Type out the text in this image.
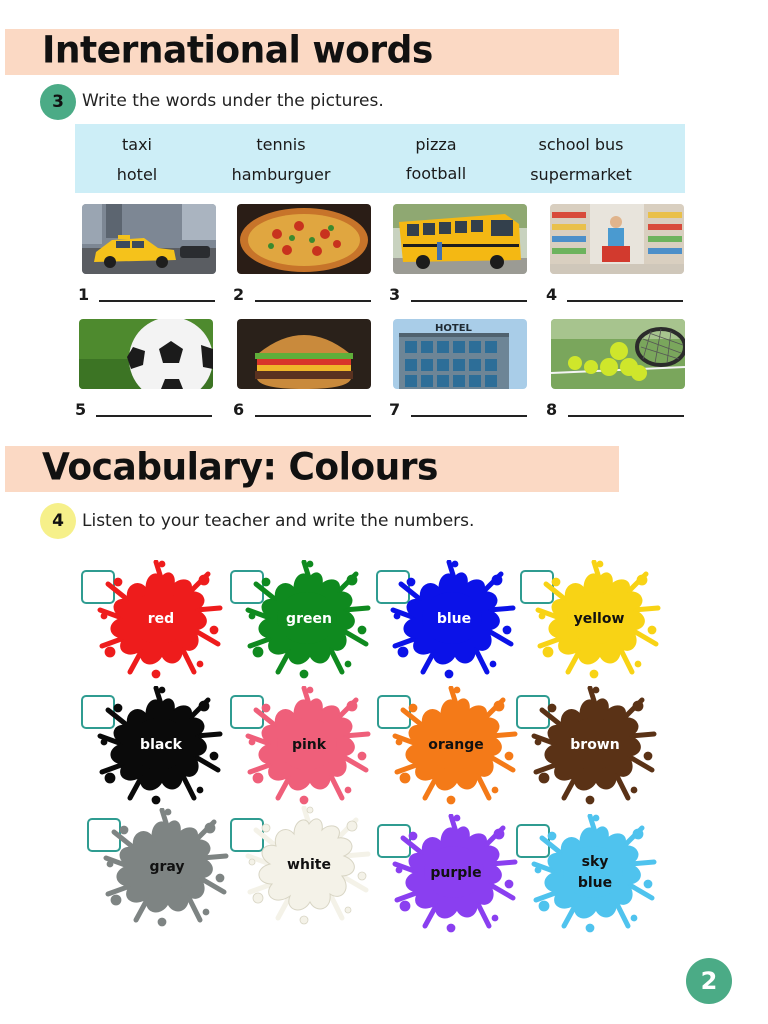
International words
3	Write the words under the pictures.
taxi	tennis	pizza	school bus
hotel	hamburguer	football	supermarket
1	2	3	4
HOTEL
5	6	7	8
Vocabulary: Colours
4	Listen to your teacher and write the numbers.
red	green	blue	yellow
black	pink	orange	brown
gray	white	purple
sky
blue
2
